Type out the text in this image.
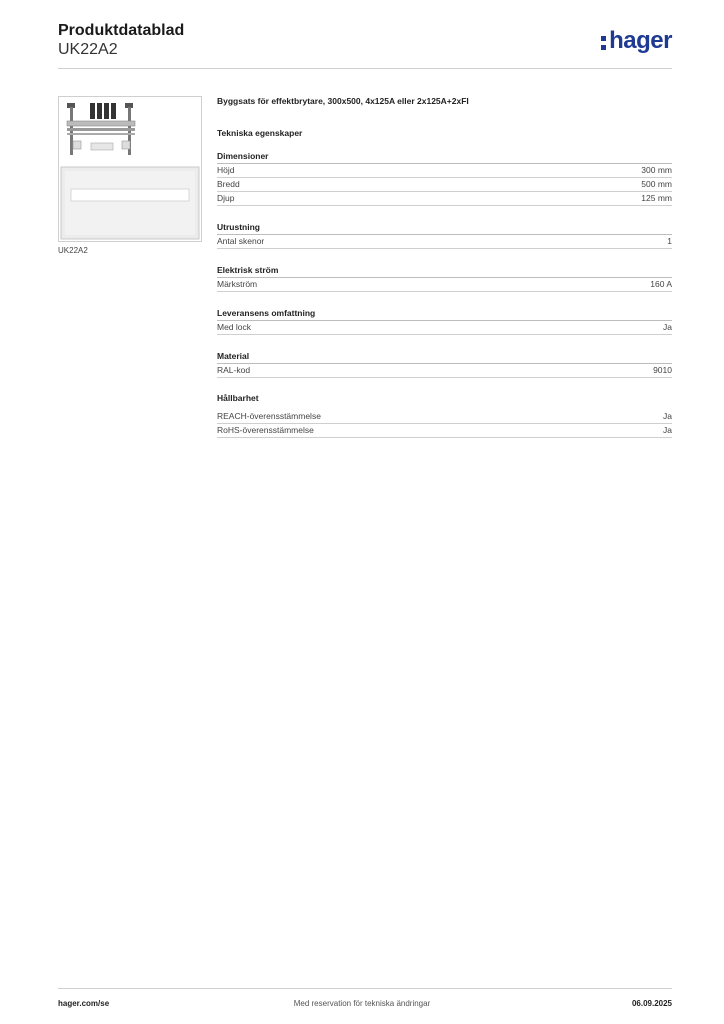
Produktdatablad
UK22A2	hager
UK22A2
Byggsats för effektbrytare, 300x500, 4x125A eller 2x125A+2xFI
Tekniska egenskaper
Dimensioner
Höjd	300 mm
Bredd	500 mm
Djup	125 mm
Utrustning
Antal skenor	1
Elektrisk ström
Märkström	160 A
Leveransens omfattning
Med lock	Ja
Material
RAL-kod	9010
Hållbarhet
REACH-överensstämmelse	Ja
RoHS-överensstämmelse	Ja
hager.com/se	Med reservation för tekniska ändringar	06.09.2025
